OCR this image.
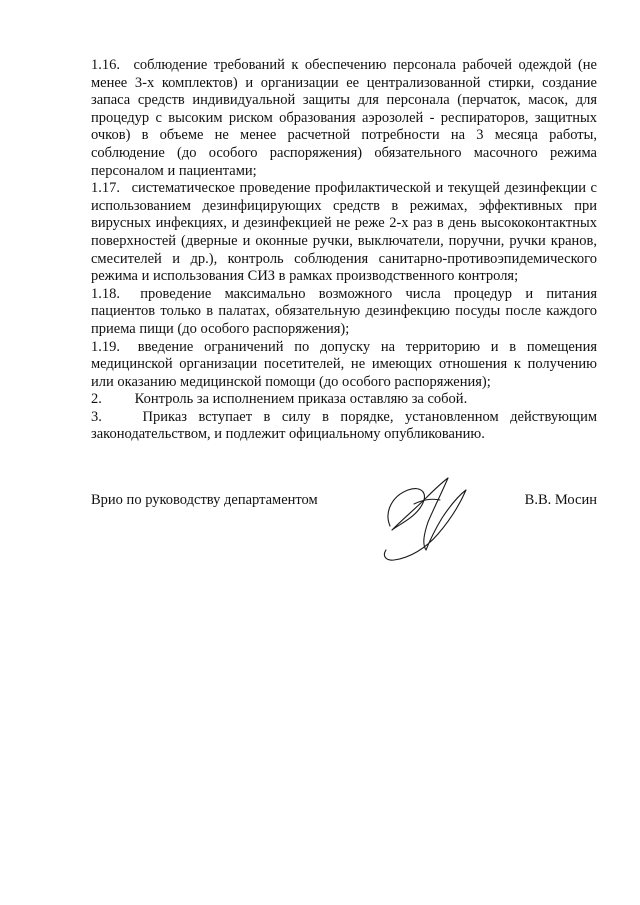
1.16. соблюдение требований к обеспечению персонала рабочей одеждой (не менее 3-х комплектов) и организации ее централизованной стирки, создание запаса средств индивидуальной защиты для персонала (перчаток, масок, для процедур с высоким риском образования аэрозолей - респираторов, защитных очков) в объеме не менее расчетной потребности на 3 месяца работы, соблюдение (до особого распоряжения) обязательного масочного режима персоналом и пациентами;

1.17. систематическое проведение профилактической и текущей дезинфекции с использованием дезинфицирующих средств в режимах, эффективных при вирусных инфекциях, и дезинфекцией не реже 2-х раз в день высококонтактных поверхностей (дверные и оконные ручки, выключатели, поручни, ручки кранов, смесителей и др.), контроль соблюдения санитарно-противоэпидемического режима и использования СИЗ в рамках производственного контроля;

1.18. проведение максимально возможного числа процедур и питания пациентов только в палатах, обязательную дезинфекцию посуды после каждого приема пищи (до особого распоряжения);

1.19. введение ограничений по допуску на территорию и в помещения медицинской организации посетителей, не имеющих отношения к получению или оказанию медицинской помощи (до особого распоряжения);

2. Контроль за исполнением приказа оставляю за собой.

3.	Приказ вступает в силу в порядке, установленном действующим законодательством, и подлежит официальному опубликованию.

Врио по руководству департаментом	В.В. Мосин
